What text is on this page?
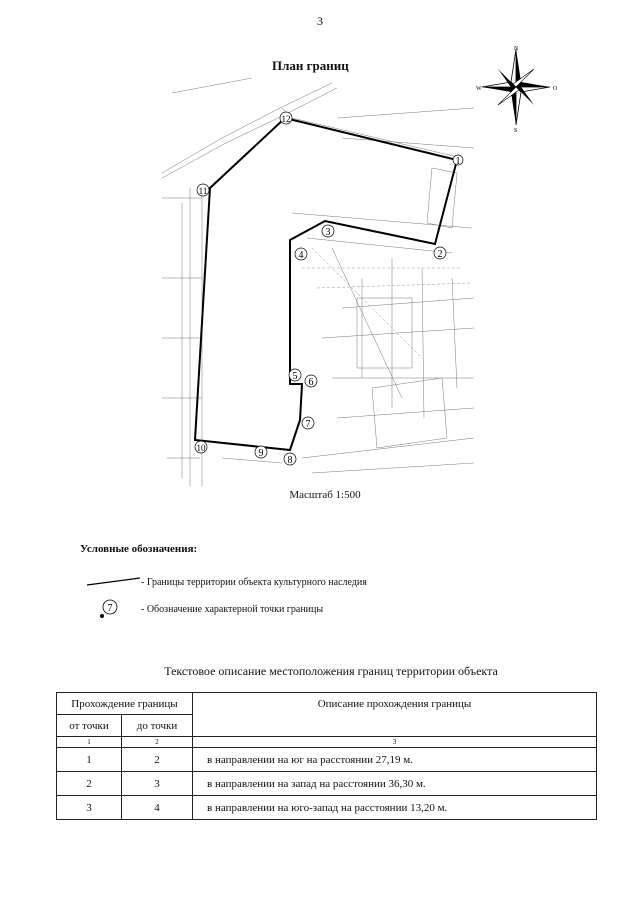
3
План границ
N
S
W	O
1
2
3
4
5
6
7
8
9
10
11
12
Масштаб 1:500
Условные обозначения:
- Границы территории объекта культурного наследия
7	- Обозначение характерной точки границы
Текстовое описание местоположения границ территории объекта
Прохождение границы		Описание прохождения границы
от точки	до точки	
1	2	3
1	2	в направлении на юг на расстоянии 27,19 м.
2	3	в направлении на запад на расстоянии 36,30 м.
3	4	в направлении на юго-запад на расстоянии 13,20 м.
